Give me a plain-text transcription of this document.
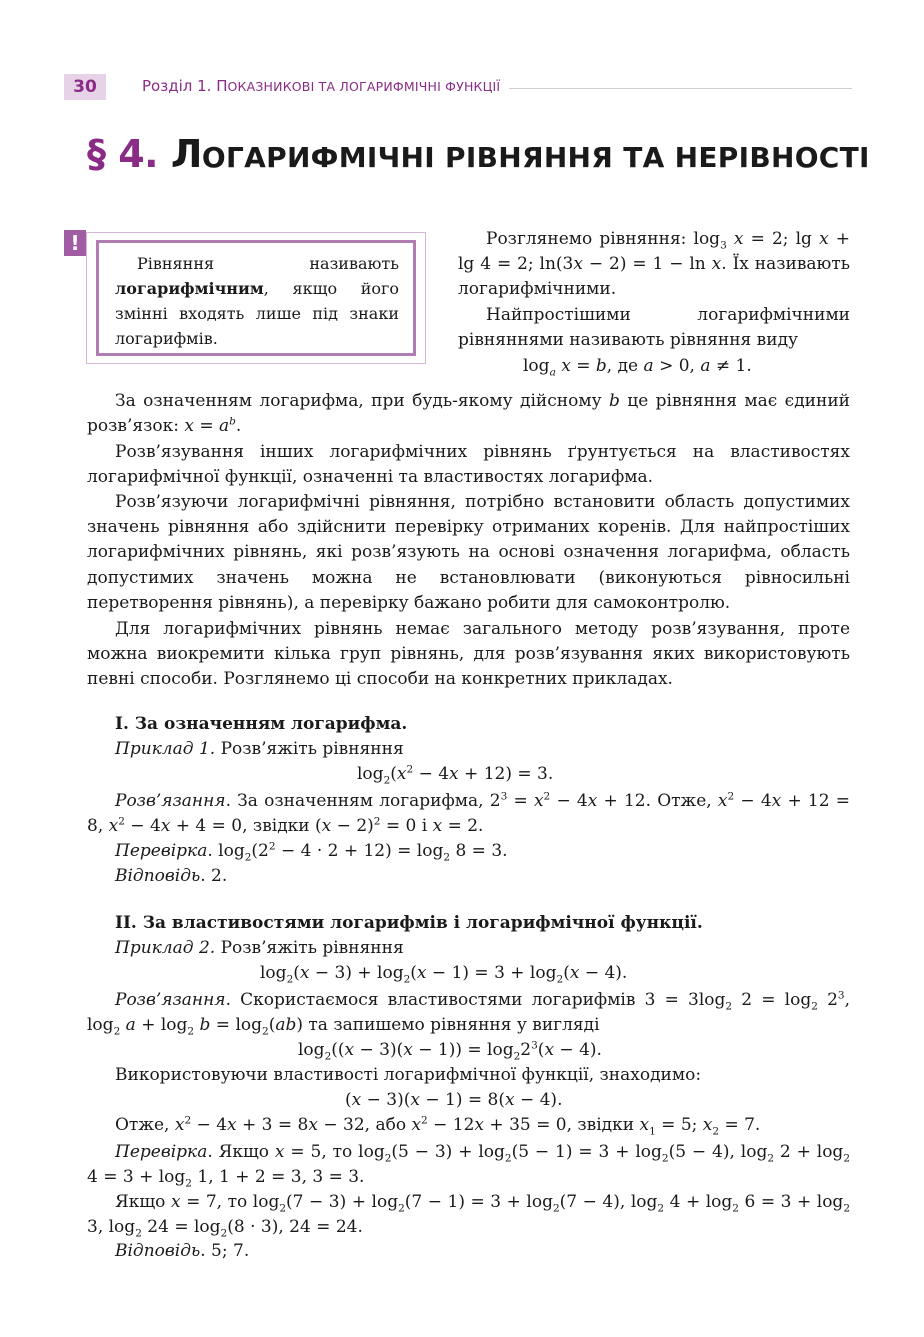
30	Розділ 1. ПОКАЗНИКОВІ ТА ЛОГАРИФМІЧНІ ФУНКЦІЇ
§ 4. ЛОГАРИФМІЧНІ РІВНЯННЯ ТА НЕРІВНОСТІ
!
Рівняння називають логарифмічним, якщо його змінні входять лише під знаки логарифмів.

Розглянемо рівняння: $\log_3 x = 2$; lg x + lg 4 = 2; ln(3x − 2) = 1 − ln x. Їх називають логарифмічними.

Найпростішими логарифмічними рівняннями називають рівняння виду

$\log_a x = b$, де a > 0, a ≠ 1.

За означенням логарифма, при будь-якому дійсному b це рівняння має єдиний розв’язок: $x = a^b$.

Розв’язування інших логарифмічних рівнянь ґрунтується на властивостях логарифмічної функції, означенні та властивостях логарифма.

Розв’язуючи логарифмічні рівняння, потрібно встановити область допустимих значень рівняння або здійснити перевірку отриманих коренів. Для найпростіших логарифмічних рівнянь, які розв’язують на основі означення логарифма, область допустимих значень можна не встановлювати (виконуються рівносильні перетворення рівнянь), а перевірку бажано робити для самоконтролю.

Для логарифмічних рівнянь немає загального методу розв’язування, проте можна виокремити кілька груп рівнянь, для розв’язування яких використовують певні способи. Розглянемо ці способи на конкретних прикладах.

I. За означенням логарифма.

Приклад 1. Розв’яжіть рівняння

$\log_2(x^2 - 4x + 12) = 3$.

Розв’язання. За означенням логарифма, $2^3 = x^2 - 4x + 12$. Отже, $x^2 - 4x + 12 = 8$, $x^2 - 4x + 4 = 0$, звідки $(x - 2)^2 = 0$ і x = 2.

Перевірка. $\log_2(2^2 - 4 \cdot 2 + 12) = \log_2 8 = 3$.

Відповідь. 2.

II. За властивостями логарифмів і логарифмічної функції.

Приклад 2. Розв’яжіть рівняння

$\log_2(x - 3) + \log_2(x - 1) = 3 + \log_2(x - 4)$.

Розв’язання. Скористаємося властивостями логарифмів $3 = 3\log_2$ $2 = \log_2 2^3$, $\log_2 a + \log_2 b = \log_2(ab)$ та запишемо рівняння у вигляді

$\log_2((x - 3)(x - 1)) = \log_22^3(x - 4)$.

Використовуючи властивості логарифмічної функції, знаходимо:

(x − 3)(x − 1) = 8(x − 4).

Отже, $x^2 - 4x + 3 = 8x - 32$, або $x^2 - 12x + 35 = 0$, звідки $x_1 = 5$; $x_2 = 7$.

Перевірка. Якщо x = 5, то $\log_2(5 - 3) + \log_2(5 - 1) = 3 + \log_2(5 - 4)$, $\log_2 2 + \log_2 4 = 3 + \log_2 1$, 1 + 2 = 3, 3 = 3.

Якщо x = 7, то $\log_2(7 - 3) + \log_2(7 - 1) = 3 + \log_2(7 - 4)$, $\log_2 4 + \log_2 6 = 3 + \log_2 3$, $\log_2 24 = \log_2(8 \cdot 3)$, 24 = 24.

Відповідь. 5; 7.
